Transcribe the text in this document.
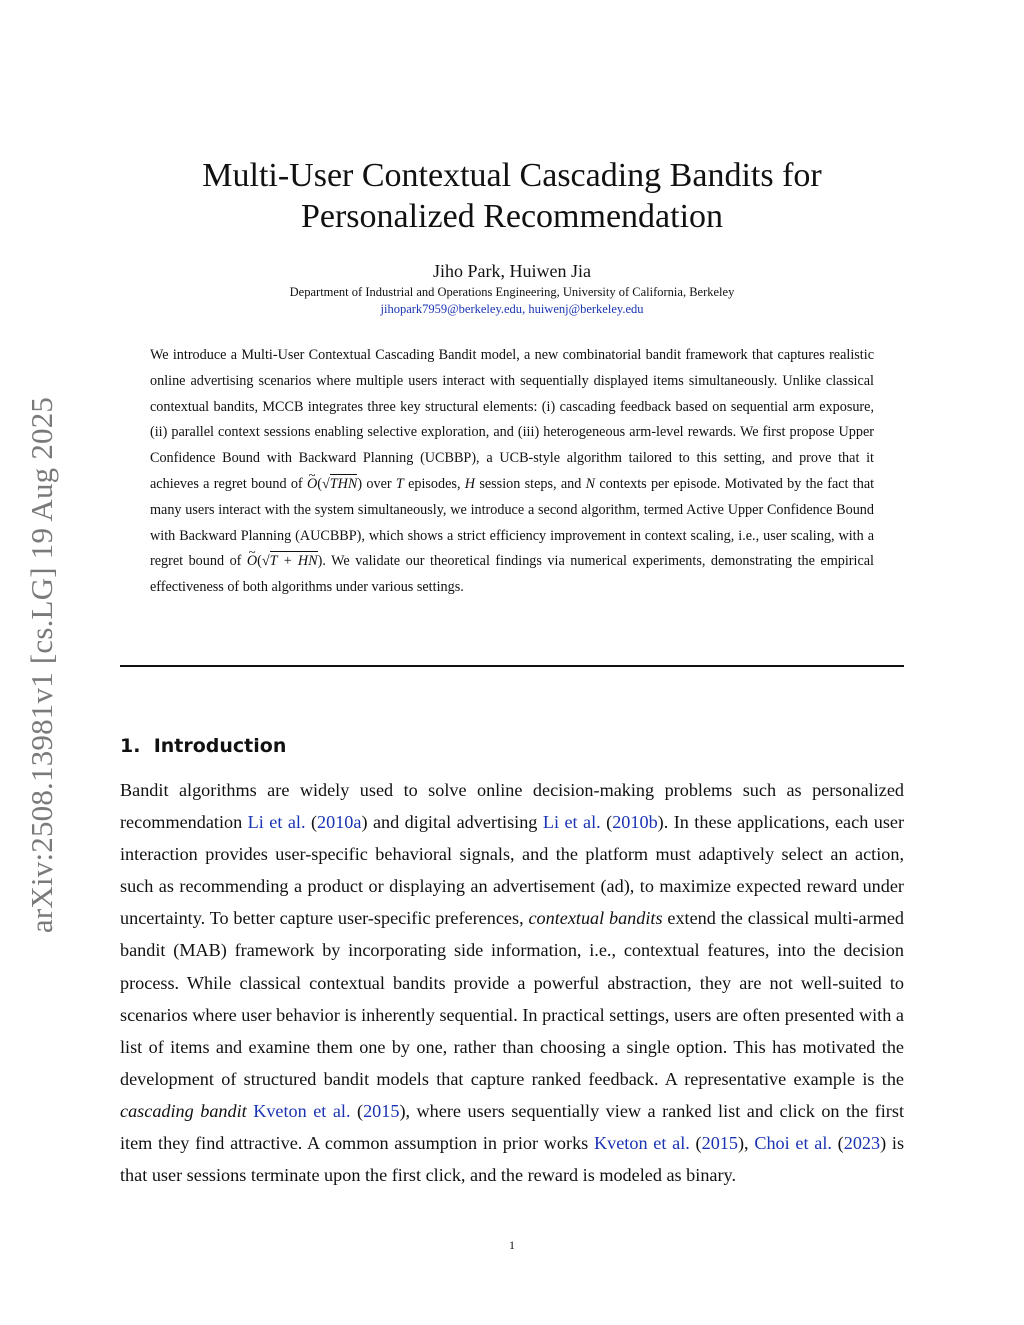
arXiv:2508.13981v1 [cs.LG] 19 Aug 2025
Multi-User Contextual Cascading Bandits for
Personalized Recommendation
Jiho Park, Huiwen Jia
Department of Industrial and Operations Engineering, University of California, Berkeley
jihopark7959@berkeley.edu, huiwenj@berkeley.edu
We introduce a Multi-User Contextual Cascading Bandit model, a new combinatorial bandit framework that captures realistic online advertising scenarios where multiple users interact with sequentially displayed items simultaneously. Unlike classical contextual bandits, MCCB integrates three key structural elements: (i) cascading feedback based on sequential arm exposure, (ii) parallel context sessions enabling selective exploration, and (iii) heterogeneous arm-level rewards. We first propose Upper Confidence Bound with Backward Planning (UCBBP), a UCB-style algorithm tailored to this setting, and prove that it achieves a regret bound of ~ O(√THN) over T episodes, H session steps, and N contexts per episode. Motivated by the fact that many users interact with the system simultaneously, we introduce a second algorithm, termed Active Upper Confidence Bound with Backward Planning (AUCBBP), which shows a strict efficiency improvement in context scaling, i.e., user scaling, with a regret bound of ~ O(√T + HN). We validate our theoretical findings via numerical experiments, demonstrating the empirical effectiveness of both algorithms under various settings.
1. Introduction
Bandit algorithms are widely used to solve online decision-making problems such as personalized recommendation Li et al. (2010a) and digital advertising Li et al. (2010b). In these applications, each user interaction provides user-specific behavioral signals, and the platform must adaptively select an action, such as recommending a product or displaying an advertisement (ad), to maximize expected reward under uncertainty. To better capture user-specific preferences, contextual bandits extend the classical multi-armed bandit (MAB) framework by incorporating side information, i.e., contextual features, into the decision process. While classical contextual bandits provide a powerful abstraction, they are not well-suited to scenarios where user behavior is inherently sequential. In practical settings, users are often presented with a list of items and examine them one by one, rather than choosing a single option. This has motivated the development of structured bandit models that capture ranked feedback. A representative example is the cascading bandit Kveton et al. (2015), where users sequentially view a ranked list and click on the first item they find attractive. A common assumption in prior works Kveton et al. (2015), Choi et al. (2023) is that user sessions terminate upon the first click, and the reward is modeled as binary.
1
